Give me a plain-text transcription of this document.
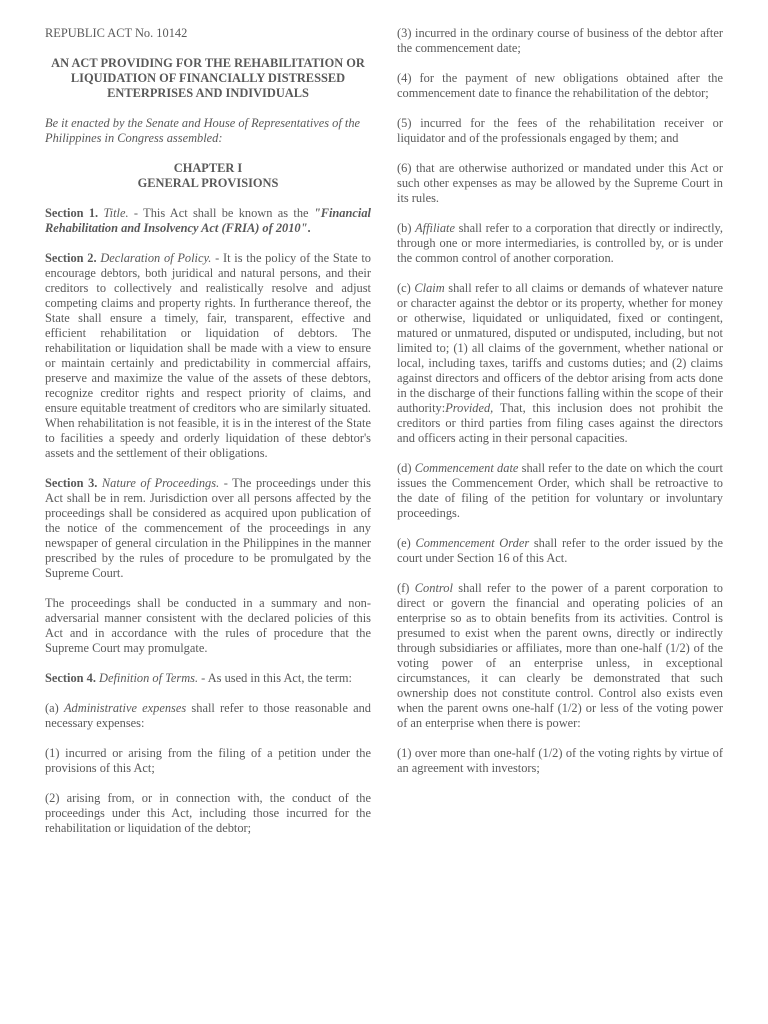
REPUBLIC ACT No. 10142
AN ACT PROVIDING FOR THE REHABILITATION OR LIQUIDATION OF FINANCIALLY DISTRESSED ENTERPRISES AND INDIVIDUALS
Be it enacted by the Senate and House of Representatives of the Philippines in Congress assembled:
CHAPTER I
GENERAL PROVISIONS

Section 1. Title. - This Act shall be known as the "Financial Rehabilitation and Insolvency Act (FRIA) of 2010".

Section 2. Declaration of Policy. - It is the policy of the State to encourage debtors, both juridical and natural persons, and their creditors to collectively and realistically resolve and adjust competing claims and property rights. In furtherance thereof, the State shall ensure a timely, fair, transparent, effective and efficient rehabilitation or liquidation of debtors. The rehabilitation or liquidation shall be made with a view to ensure or maintain certainly and predictability in commercial affairs, preserve and maximize the value of the assets of these debtors, recognize creditor rights and respect priority of claims, and ensure equitable treatment of creditors who are similarly situated. When rehabilitation is not feasible, it is in the interest of the State to facilities a speedy and orderly liquidation of these debtor's assets and the settlement of their obligations.

Section 3. Nature of Proceedings. - The proceedings under this Act shall be in rem. Jurisdiction over all persons affected by the proceedings shall be considered as acquired upon publication of the notice of the commencement of the proceedings in any newspaper of general circulation in the Philippines in the manner prescribed by the rules of procedure to be promulgated by the Supreme Court.

The proceedings shall be conducted in a summary and non-adversarial manner consistent with the declared policies of this Act and in accordance with the rules of procedure that the Supreme Court may promulgate.

Section 4. Definition of Terms. - As used in this Act, the term:

(a) Administrative expenses shall refer to those reasonable and necessary expenses:

(1) incurred or arising from the filing of a petition under the provisions of this Act;

(2) arising from, or in connection with, the conduct of the proceedings under this Act, including those incurred for the rehabilitation or liquidation of the debtor;

(3) incurred in the ordinary course of business of the debtor after the commencement date;

(4) for the payment of new obligations obtained after the commencement date to finance the rehabilitation of the debtor;

(5) incurred for the fees of the rehabilitation receiver or liquidator and of the professionals engaged by them; and

(6) that are otherwise authorized or mandated under this Act or such other expenses as may be allowed by the Supreme Court in its rules.

(b) Affiliate shall refer to a corporation that directly or indirectly, through one or more intermediaries, is controlled by, or is under the common control of another corporation.

(c) Claim shall refer to all claims or demands of whatever nature or character against the debtor or its property, whether for money or otherwise, liquidated or unliquidated, fixed or contingent, matured or unmatured, disputed or undisputed, including, but not limited to; (1) all claims of the government, whether national or local, including taxes, tariffs and customs duties; and (2) claims against directors and officers of the debtor arising from acts done in the discharge of their functions falling within the scope of their authority:Provided, That, this inclusion does not prohibit the creditors or third parties from filing cases against the directors and officers acting in their personal capacities.

(d) Commencement date shall refer to the date on which the court issues the Commencement Order, which shall be retroactive to the date of filing of the petition for voluntary or involuntary proceedings.

(e) Commencement Order shall refer to the order issued by the court under Section 16 of this Act.

(f) Control shall refer to the power of a parent corporation to direct or govern the financial and operating policies of an enterprise so as to obtain benefits from its activities. Control is presumed to exist when the parent owns, directly or indirectly through subsidiaries or affiliates, more than one-half (1/2) of the voting power of an enterprise unless, in exceptional circumstances, it can clearly be demonstrated that such ownership does not constitute control. Control also exists even when the parent owns one-half (1/2) or less of the voting power of an enterprise when there is power:

(1) over more than one-half (1/2) of the voting rights by virtue of an agreement with investors;
